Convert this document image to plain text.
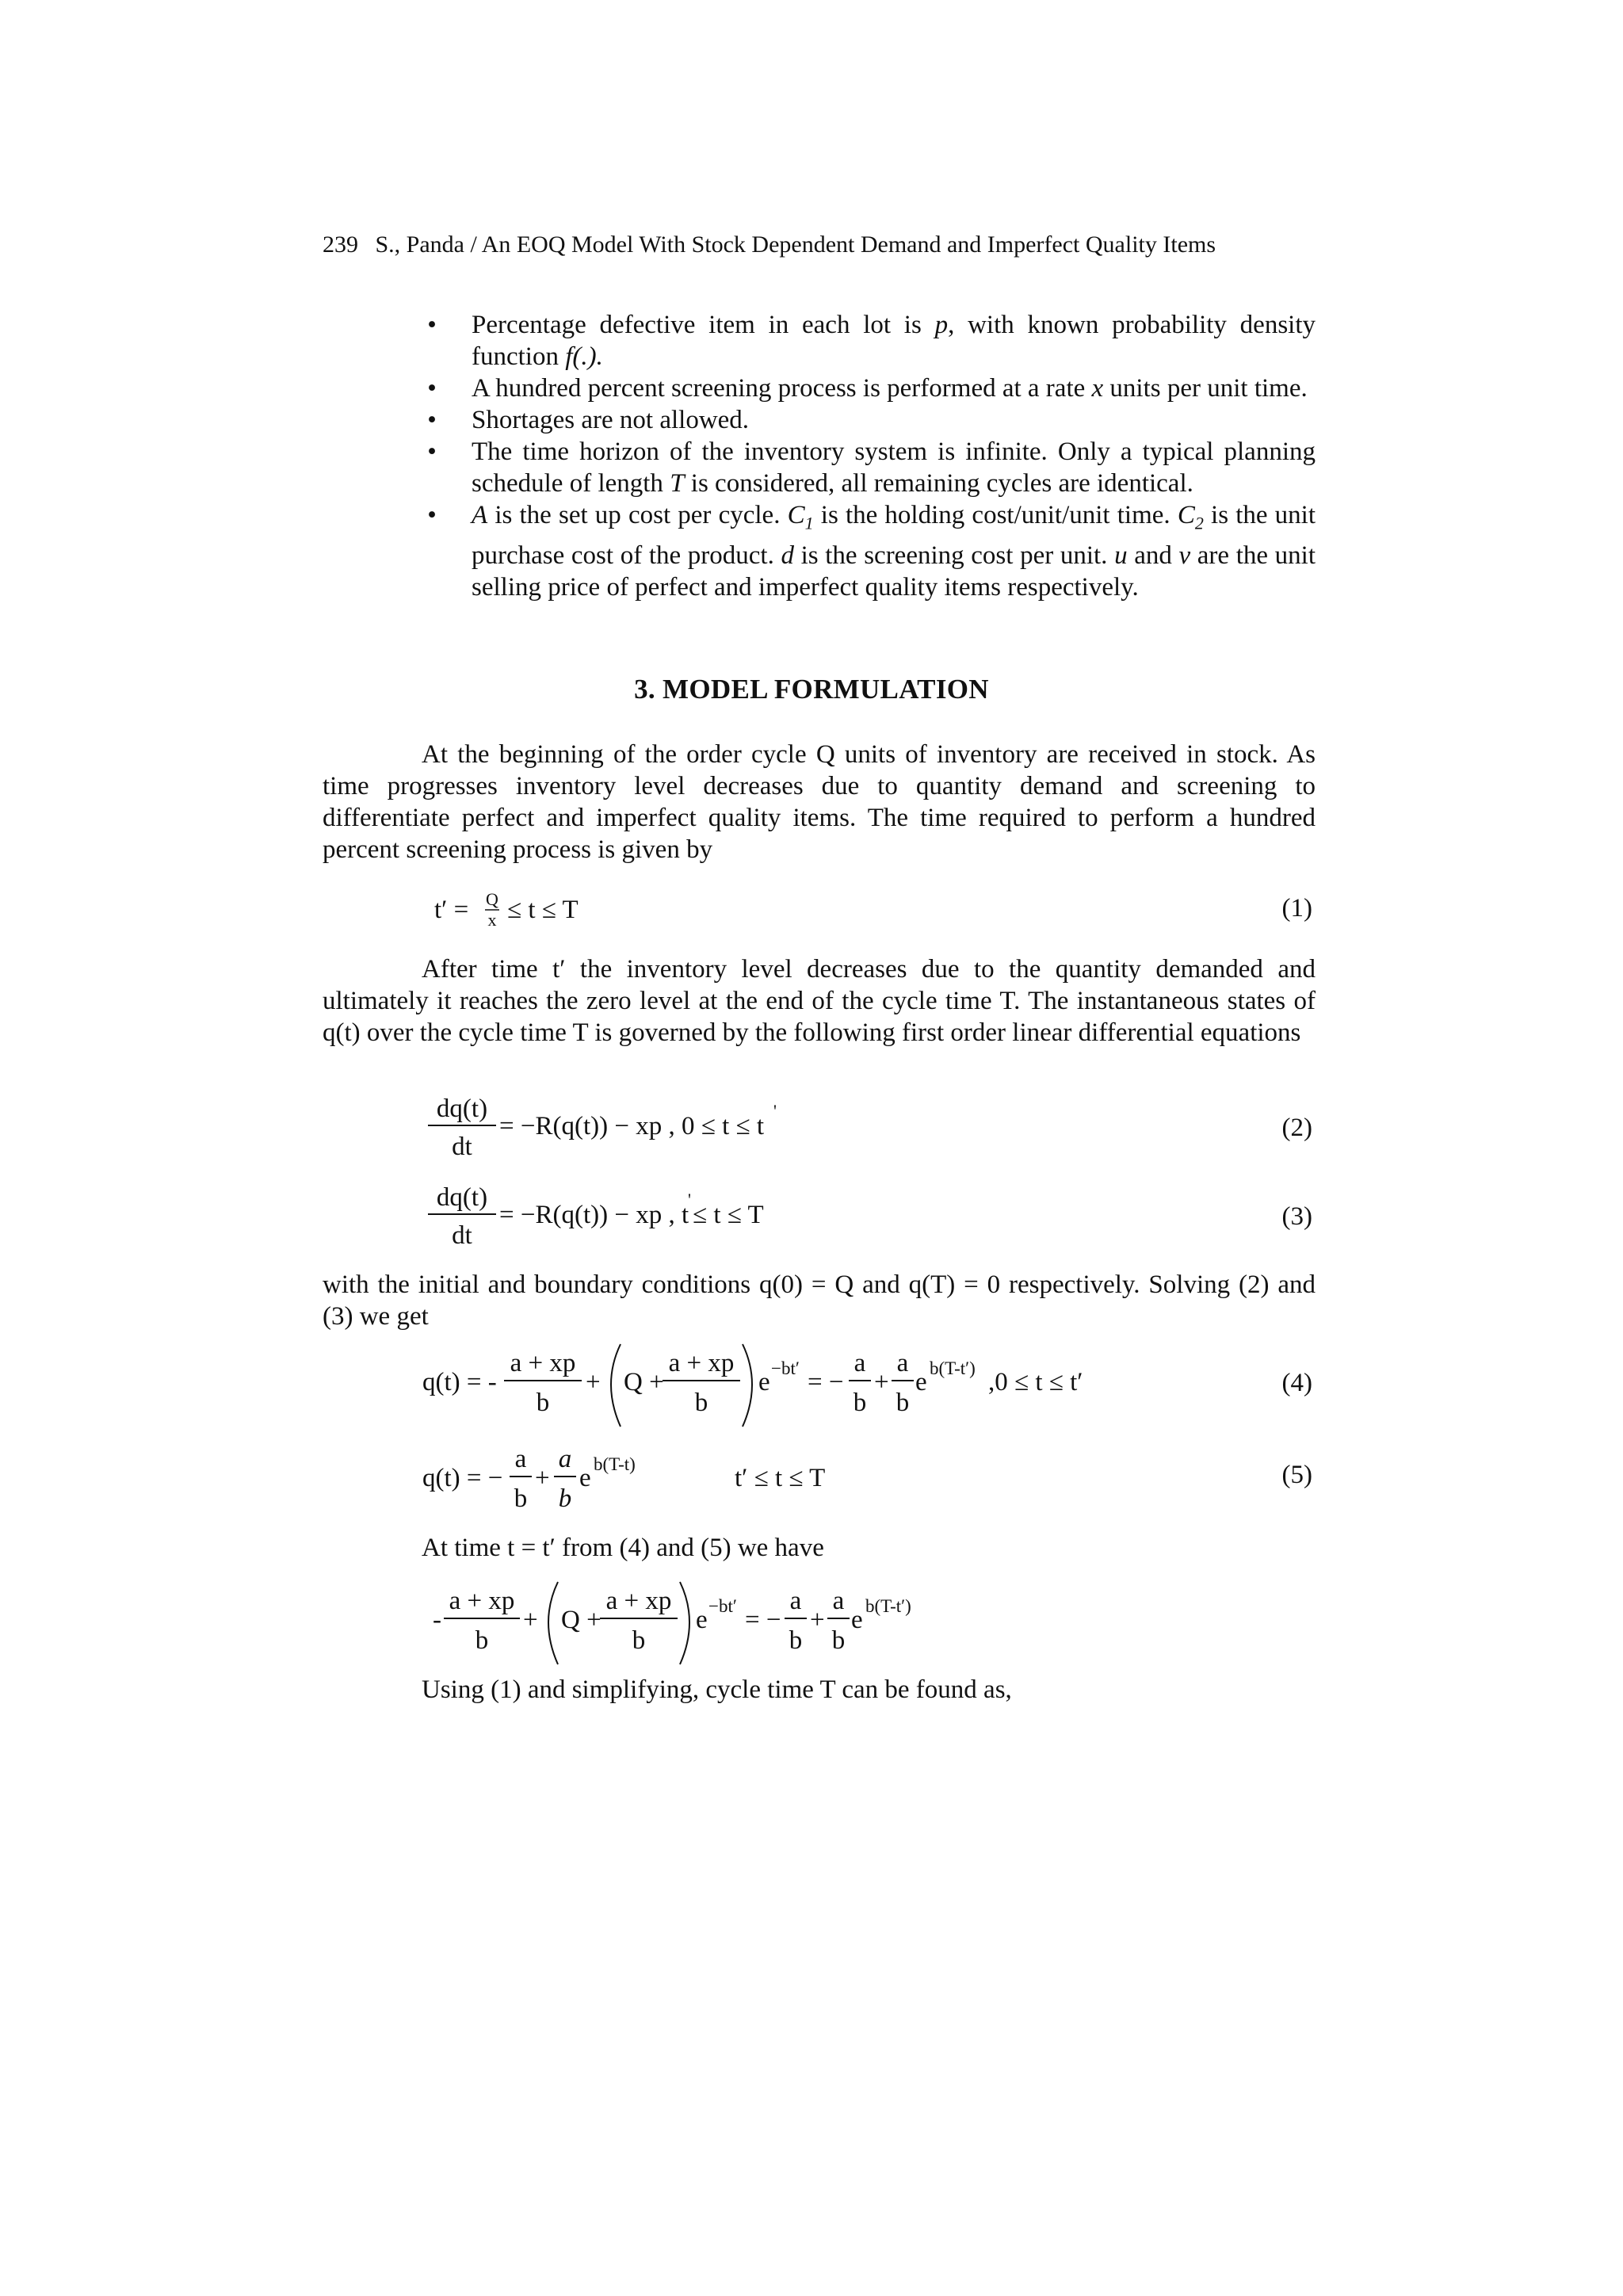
239 S., Panda / An EOQ Model With Stock Dependent Demand and Imperfect Quality Items

• Percentage defective item in each lot is p, with known probability density function f(.).

• A hundred percent screening process is performed at a rate x units per unit time.

• Shortages are not allowed.

• The time horizon of the inventory system is infinite. Only a typical planning schedule of length T is considered, all remaining cycles are identical.

• A is the set up cost per cycle. $C_1$ is the holding cost/unit/unit time. $C_2$ is the unit purchase cost of the product. d is the screening cost per unit. u and v are the unit selling price of perfect and imperfect quality items respectively.

3. MODEL FORMULATION
At the beginning of the order cycle Q units of inventory are received in stock. As time progresses inventory level decreases due to quantity demand and screening to differentiate perfect and imperfect quality items. The time required to perform a hundred percent screening process is given by
t′ = Q
x ≤ t ≤ T	(1)
After time t′ the inventory level decreases due to the quantity demanded and ultimately it reaches the zero level at the end of the cycle time T. The instantaneous states of q(t) over the cycle time T is governed by the following first order linear differential equations
dq(t)
dt
= −R(q(t)) − xp , 0 ≤ t ≤ t
'
(2)
dq(t)
dt
= −R(q(t)) − xp , t
'
≤ t ≤ T	(3)
with the initial and boundary conditions q(0) = Q and q(T) = 0 respectively. Solving (2) and (3) we get
q(t) = -
a + xp
b
+ Q +
a + xp
b
e −bt′ = −
a
b
+
a
b
e b(T-t′) ,0 ≤ t ≤ t′	(4)
q(t) = −
a
b
+
a
b
e b(T-t)	t′ ≤ t ≤ T	(5)
At time t = t′ from (4) and (5) we have
-
a + xp
b
+ Q +
a + xp
b
e −bt′ = −
a
b
+
a
b
e b(T-t′)
Using (1) and simplifying, cycle time T can be found as,
